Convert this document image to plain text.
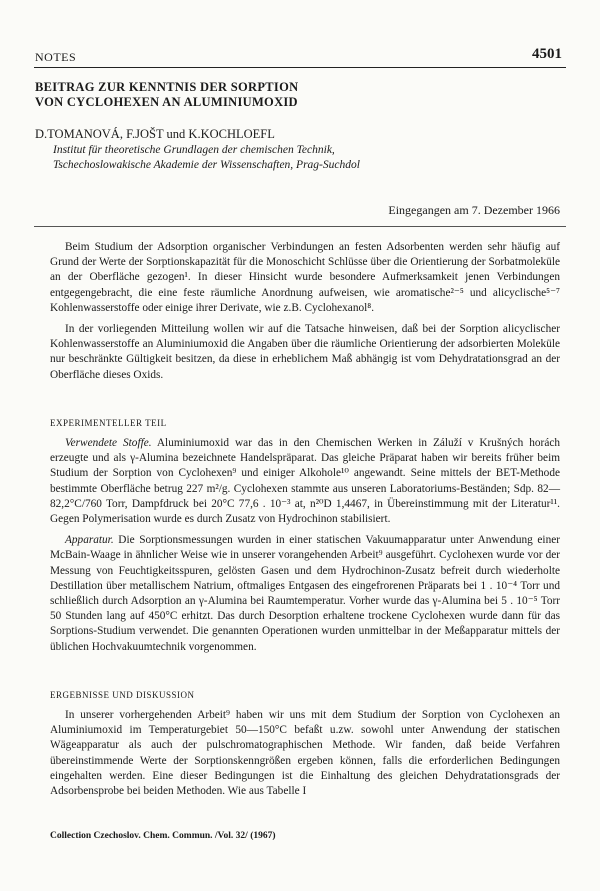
NOTES	4501
BEITRAG ZUR KENNTNIS DER SORPTION
VON CYCLOHEXEN AN ALUMINIUMOXID
D.TOMANOVÁ, F.JOŠT und K.KOCHLOEFL
Institut für theoretische Grundlagen der chemischen Technik,
Tschechoslowakische Akademie der Wissenschaften, Prag-Suchdol
Eingegangen am 7. Dezember 1966

Beim Studium der Adsorption organischer Verbindungen an festen Adsorbenten werden sehr häufig auf Grund der Werte der Sorptionskapazität für die Monoschicht Schlüsse über die Orientierung der Sorbatmoleküle an der Oberfläche gezogen¹. In dieser Hinsicht wurde besondere Aufmerksamkeit jenen Verbindungen entgegengebracht, die eine feste räumliche Anordnung aufweisen, wie aromatische²⁻⁵ und alicyclische⁵⁻⁷ Kohlenwasserstoffe oder einige ihrer Derivate, wie z.B. Cyclohexanol⁸.

In der vorliegenden Mitteilung wollen wir auf die Tatsache hinweisen, daß bei der Sorption alicyclischer Kohlenwasserstoffe an Aluminiumoxid die Angaben über die räumliche Orientierung der adsorbierten Moleküle nur beschränkte Gültigkeit besitzen, da diese in erheblichem Maß abhängig ist vom Dehydratationsgrad an der Oberfläche dieses Oxids.

EXPERIMENTELLER TEIL

Verwendete Stoffe. Aluminiumoxid war das in den Chemischen Werken in Záluží v Krušných horách erzeugte und als γ-Alumina bezeichnete Handelspräparat. Das gleiche Präparat haben wir bereits früher beim Studium der Sorption von Cyclohexen⁹ und einiger Alkohole¹⁰ angewandt. Seine mittels der BET-Methode bestimmte Oberfläche betrug 227 m²/g. Cyclohexen stammte aus unseren Laboratoriums-Beständen; Sdp. 82—82,2°C/760 Torr, Dampfdruck bei 20°C 77,6 . 10⁻³ at, n²⁰D 1,4467, in Übereinstimmung mit der Literatur¹¹. Gegen Polymerisation wurde es durch Zusatz von Hydrochinon stabilisiert.

Apparatur. Die Sorptionsmessungen wurden in einer statischen Vakuumapparatur unter Anwendung einer McBain-Waage in ähnlicher Weise wie in unserer vorangehenden Arbeit⁹ ausgeführt. Cyclohexen wurde vor der Messung von Feuchtigkeitsspuren, gelösten Gasen und dem Hydrochinon-Zusatz befreit durch wiederholte Destillation über metallischem Natrium, oftmaliges Entgasen des eingefrorenen Präparats bei 1 . 10⁻⁴ Torr und schließlich durch Adsorption an γ-Alumina bei Raumtemperatur. Vorher wurde das γ-Alumina bei 5 . 10⁻⁵ Torr 50 Stunden lang auf 450°C erhitzt. Das durch Desorption erhaltene trockene Cyclohexen wurde dann für das Sorptions-Studium verwendet. Die genannten Operationen wurden unmittelbar in der Meßapparatur mittels der üblichen Hochvakuumtechnik vorgenommen.

ERGEBNISSE UND DISKUSSION

In unserer vorhergehenden Arbeit⁹ haben wir uns mit dem Studium der Sorption von Cyclohexen an Aluminiumoxid im Temperaturgebiet 50—150°C befaßt u.zw. sowohl unter Anwendung der statischen Wägeapparatur als auch der pulschromatographischen Methode. Wir fanden, daß beide Verfahren übereinstimmende Werte der Sorptionskenngrößen ergeben können, falls die erforderlichen Bedingungen eingehalten werden. Eine dieser Bedingungen ist die Einhaltung des gleichen Dehydratationsgrads der Adsorbensprobe bei beiden Methoden. Wie aus Tabelle I

Collection Czechoslov. Chem. Commun. /Vol. 32/ (1967)
